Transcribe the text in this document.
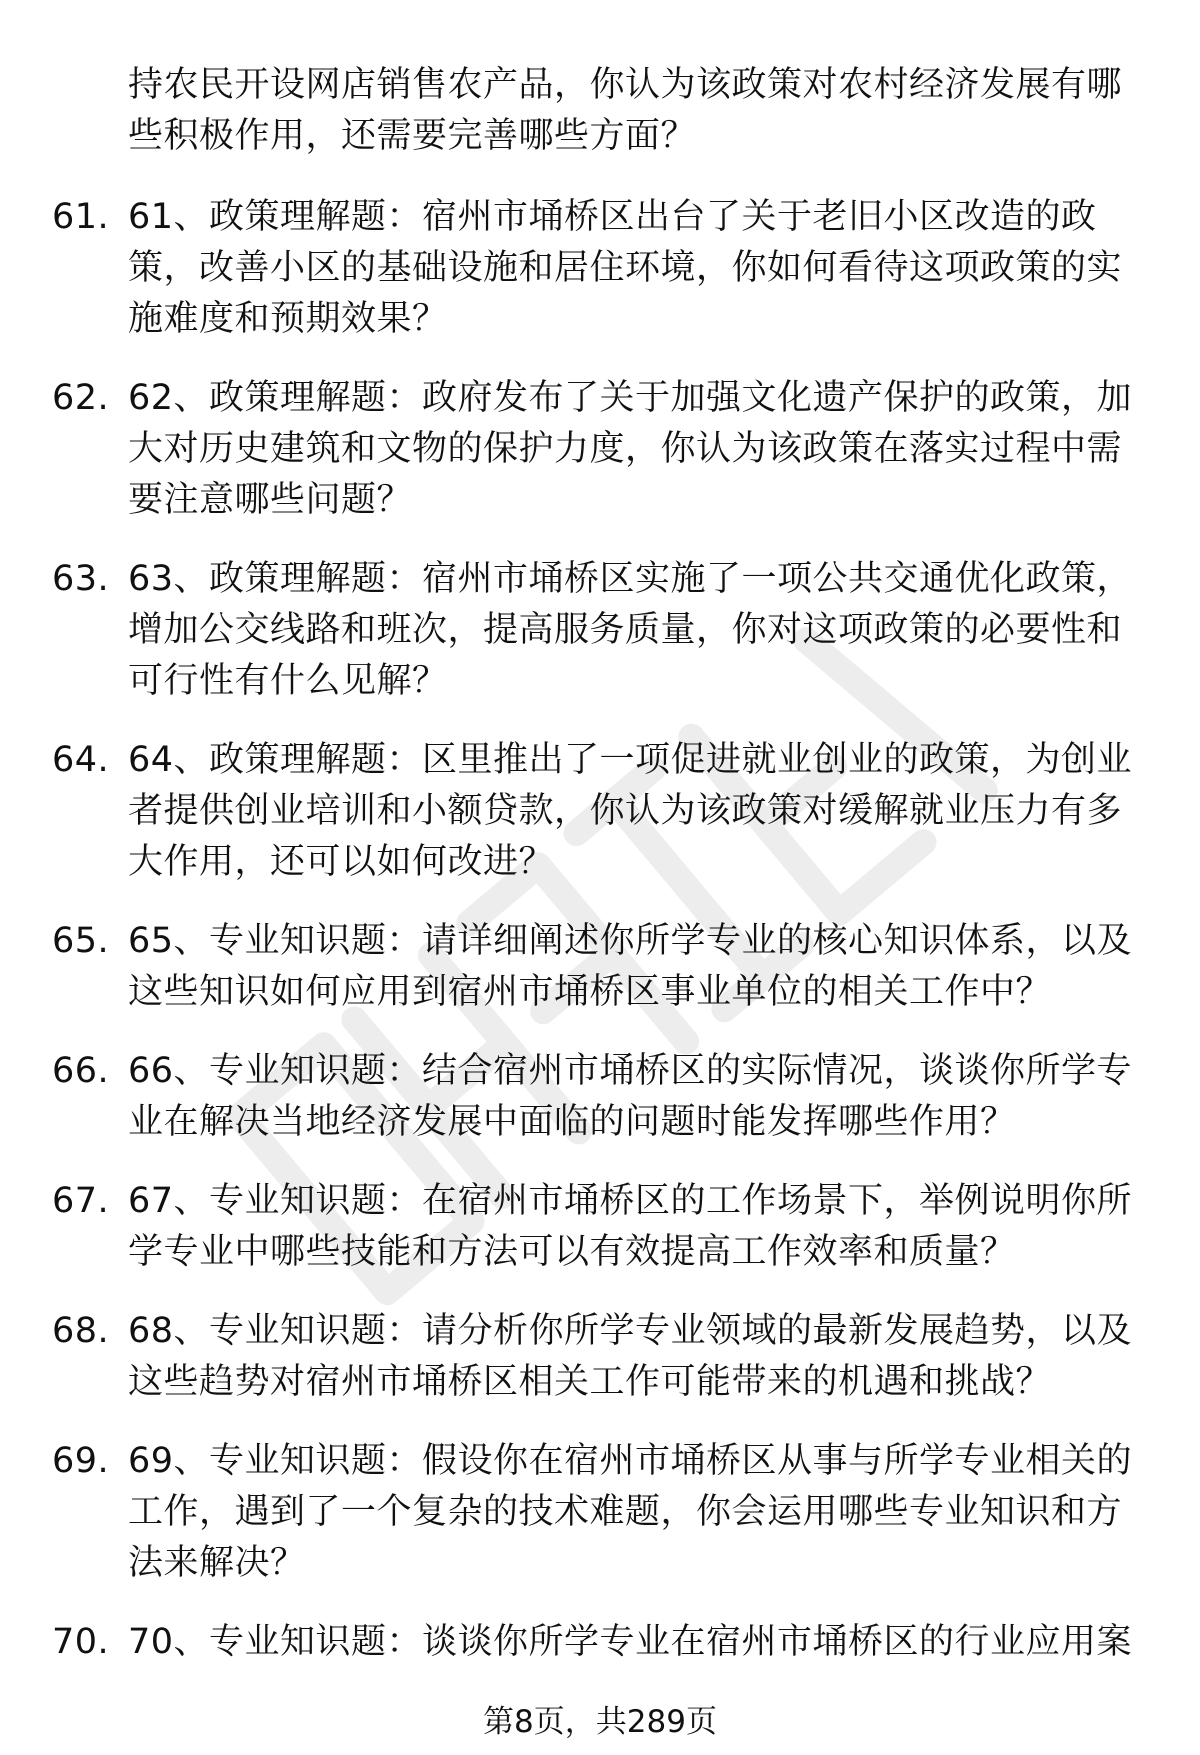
持农民开设网店销售农产品，你认为该政策对农村经济发展有哪些积极作用，还需要完善哪些方面？
61. 61、政策理解题：宿州市埇桥区出台了关于老旧小区改造的政策，改善小区的基础设施和居住环境，你如何看待这项政策的实施难度和预期效果？
62. 62、政策理解题：政府发布了关于加强文化遗产保护的政策，加大对历史建筑和文物的保护力度，你认为该政策在落实过程中需要注意哪些问题？
63. 63、政策理解题：宿州市埇桥区实施了一项公共交通优化政策，增加公交线路和班次，提高服务质量，你对这项政策的必要性和可行性有什么见解？
64. 64、政策理解题：区里推出了一项促进就业创业的政策，为创业者提供创业培训和小额贷款，你认为该政策对缓解就业压力有多大作用，还可以如何改进？
65. 65、专业知识题：请详细阐述你所学专业的核心知识体系，以及这些知识如何应用到宿州市埇桥区事业单位的相关工作中？
66. 66、专业知识题：结合宿州市埇桥区的实际情况，谈谈你所学专业在解决当地经济发展中面临的问题时能发挥哪些作用？
67. 67、专业知识题：在宿州市埇桥区的工作场景下，举例说明你所学专业中哪些技能和方法可以有效提高工作效率和质量？
68. 68、专业知识题：请分析你所学专业领域的最新发展趋势，以及这些趋势对宿州市埇桥区相关工作可能带来的机遇和挑战？
69. 69、专业知识题：假设你在宿州市埇桥区从事与所学专业相关的工作，遇到了一个复杂的技术难题，你会运用哪些专业知识和方法来解决？
70. 70、专业知识题：谈谈你所学专业在宿州市埇桥区的行业应用案
第8页，共289页
